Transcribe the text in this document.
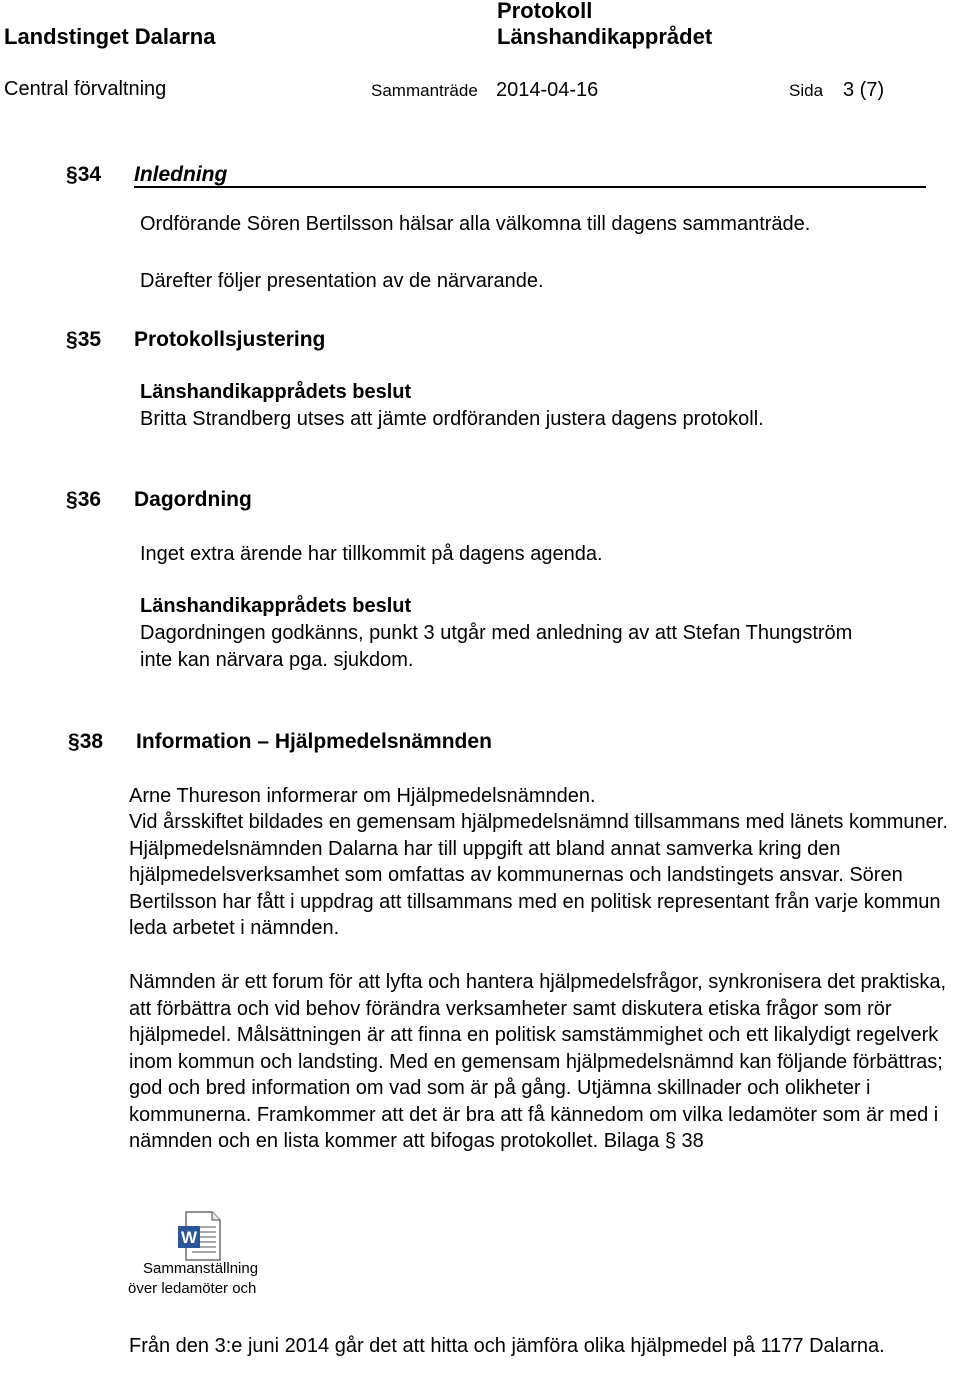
Landstinget Dalarna
Protokoll
Länshandikapprådet
Central förvaltning	Sammanträde 2014-04-16	Sida 3 (7)
§34 Inledning
Ordförande Sören Bertilsson hälsar alla välkomna till dagens sammanträde.
Därefter följer presentation av de närvarande.
§35 Protokollsjustering
Länshandikapprådets beslut
Britta Strandberg utses att jämte ordföranden justera dagens protokoll.
§36 Dagordning
Inget extra ärende har tillkommit på dagens agenda.
Länshandikapprådets beslut
Dagordningen godkänns, punkt 3 utgår med anledning av att Stefan Thungström inte kan närvara pga. sjukdom.
§38 Information – Hjälpmedelsnämnden
Arne Thureson informerar om Hjälpmedelsnämnden.
Vid årsskiftet bildades en gemensam hjälpmedelsnämnd tillsammans med länets kommuner. Hjälpmedelsnämnden Dalarna har till uppgift att bland annat samverka kring den hjälpmedelsverksamhet som omfattas av kommunernas och landstingets ansvar. Sören Bertilsson har fått i uppdrag att tillsammans med en politisk representant från varje kommun leda arbetet i nämnden.
Nämnden är ett forum för att lyfta och hantera hjälpmedelsfrågor, synkronisera det praktiska, att förbättra och vid behov förändra verksamheter samt diskutera etiska frågor som rör hjälpmedel. Målsättningen är att finna en politisk samstämmighet och ett likalydigt regelverk inom kommun och landsting. Med en gemensam hjälpmedelsnämnd kan följande förbättras; god och bred information om vad som är på gång. Utjämna skillnader och olikheter i kommunerna. Framkommer att det är bra att få kännedom om vilka ledamöter som är med i nämnden och en lista kommer att bifogas protokollet. Bilaga § 38
W
Sammanställning
över ledamöter och
Från den 3:e juni 2014 går det att hitta och jämföra olika hjälpmedel på 1177 Dalarna.
